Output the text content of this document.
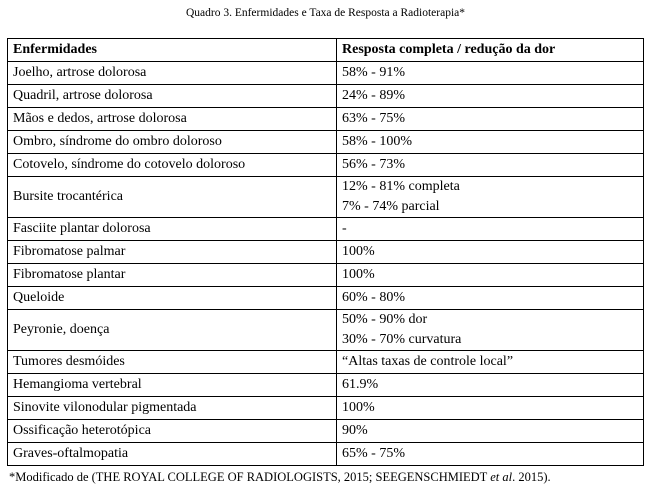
Quadro 3. Enfermidades e Taxa de Resposta a Radioterapia*
Enfermidades	Resposta completa / redução da dor
Joelho, artrose dolorosa	58% - 91%

Quadril, artrose dolorosa	24% - 89%

Mãos e dedos, artrose dolorosa	63% - 75%

Ombro, síndrome do ombro doloroso	58% - 100%

Cotovelo, síndrome do cotovelo doloroso	56% - 73%

Bursite trocantérica	12% - 81% completa
7% - 74% parcial

Fasciite plantar dolorosa	-

Fibromatose palmar	100%

Fibromatose plantar	100%

Queloide	60% - 80%

Peyronie, doença	50% - 90% dor
30% - 70% curvatura

Tumores desmóides	“Altas taxas de controle local”

Hemangioma vertebral	61.9%

Sinovite vilonodular pigmentada	100%

Ossificação heterotópica	90%

Graves-oftalmopatia	65% - 75%
*Modificado de (THE ROYAL COLLEGE OF RADIOLOGISTS, 2015; SEEGENSCHMIEDT et al. 2015).
